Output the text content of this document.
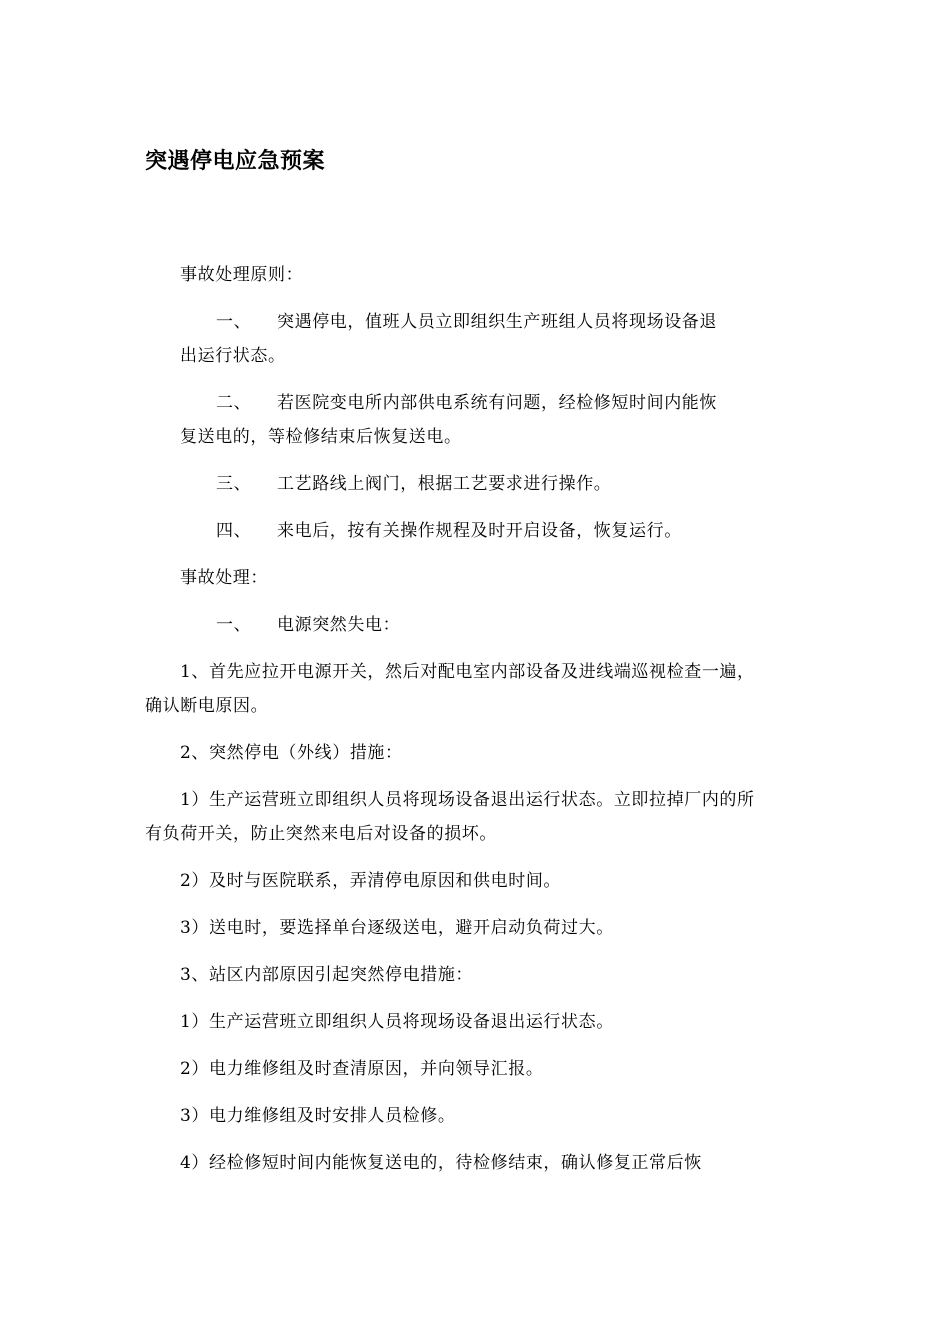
突遇停电应急预案

事故处理原则：

一、	突遇停电，值班人员立即组织生产班组人员将现场设备退

出运行状态。

二、	若医院变电所内部供电系统有问题，经检修短时间内能恢

复送电的，等检修结束后恢复送电。

三、	工艺路线上阀门，根据工艺要求进行操作。
四、	来电后，按有关操作规程及时开启设备，恢复运行。

事故处理：

一、	电源突然失电：

1、首先应拉开电源开关，然后对配电室内部设备及进线端巡视检查一遍，确认断电原因。

2、突然停电（外线）措施：

1）生产运营班立即组织人员将现场设备退出运行状态。立即拉掉厂内的所有负荷开关，防止突然来电后对设备的损坏。

2）及时与医院联系，弄清停电原因和供电时间。

3）送电时，要选择单台逐级送电，避开启动负荷过大。

3、站区内部原因引起突然停电措施：

1）生产运营班立即组织人员将现场设备退出运行状态。

2）电力维修组及时查清原因，并向领导汇报。

3）电力维修组及时安排人员检修。

4）经检修短时间内能恢复送电的，待检修结束，确认修复正常后恢
